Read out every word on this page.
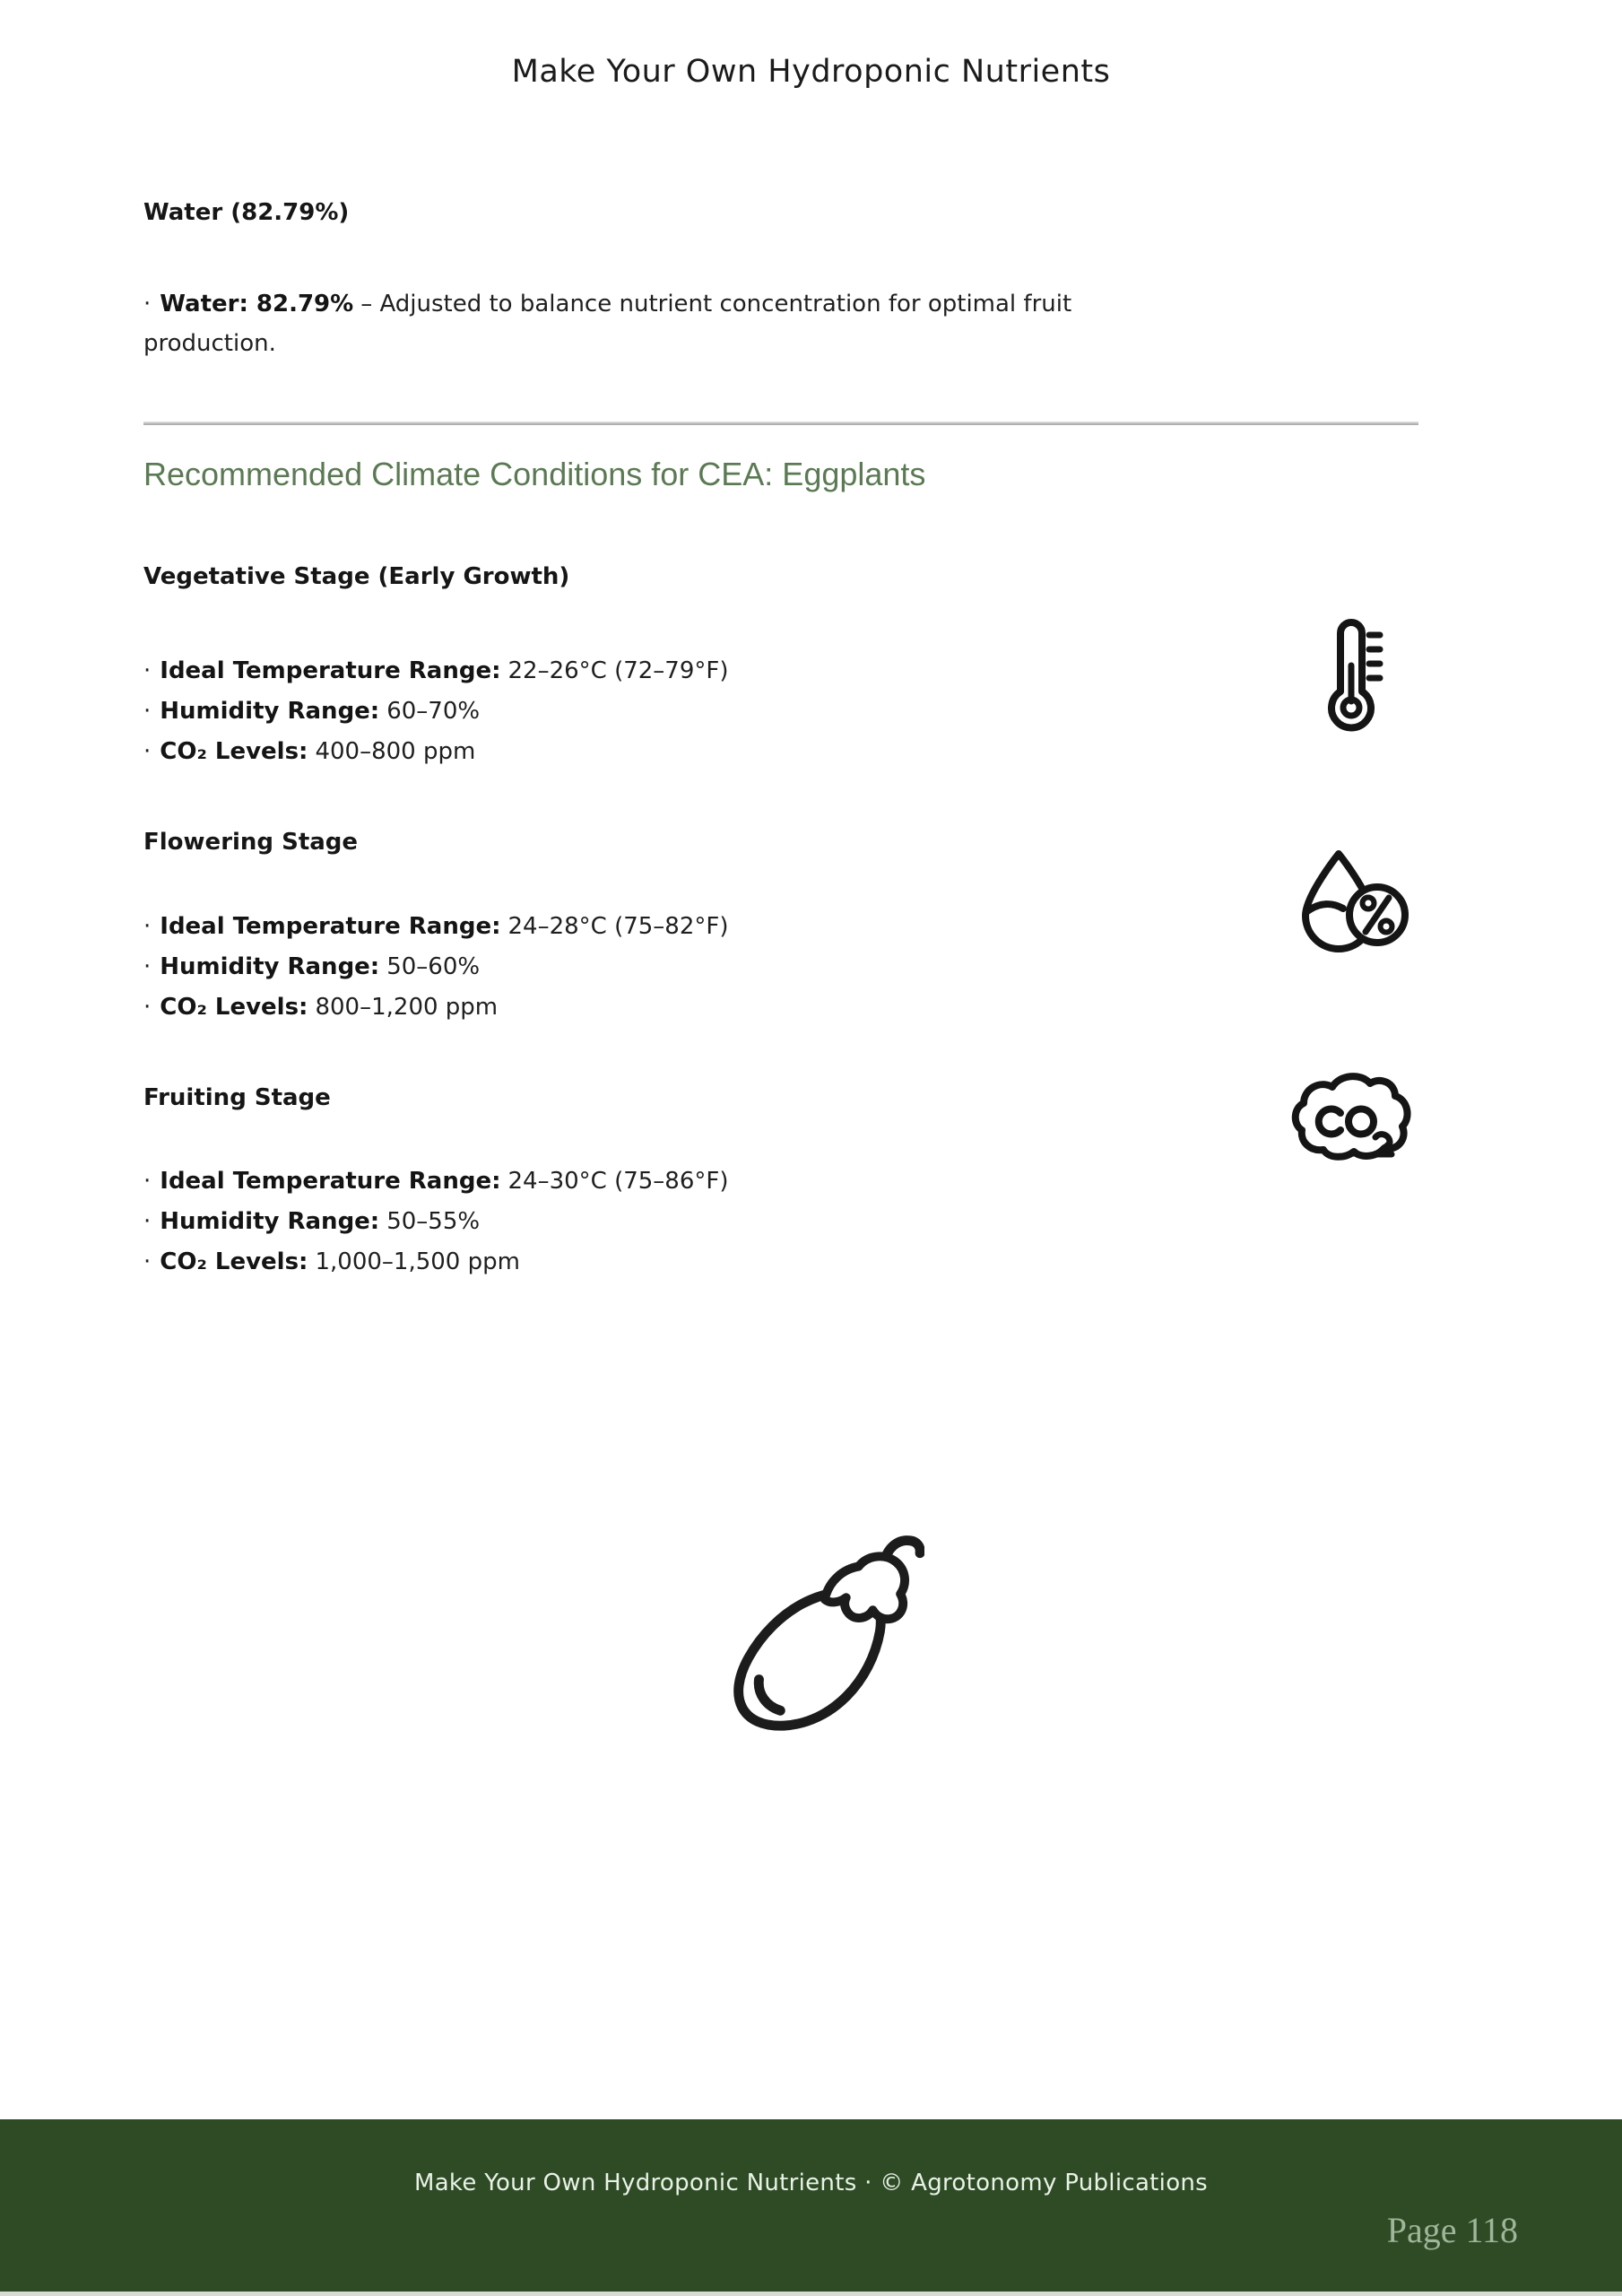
Make Your Own Hydroponic Nutrients
Water (82.79%)
· Water: 82.79% – Adjusted to balance nutrient concentration for optimal fruit
production.
Recommended Climate Conditions for CEA: Eggplants
Vegetative Stage (Early Growth)
· Ideal Temperature Range: 22–26°C (72–79°F)
· Humidity Range: 60–70%
· CO₂ Levels: 400–800 ppm
Flowering Stage
· Ideal Temperature Range: 24–28°C (75–82°F)
· Humidity Range: 50–60%
· CO₂ Levels: 800–1,200 ppm
Fruiting Stage
· Ideal Temperature Range: 24–30°C (75–86°F)
· Humidity Range: 50–55%
· CO₂ Levels: 1,000–1,500 ppm
Make Your Own Hydroponic Nutrients · © Agrotonomy Publications
Page 118
